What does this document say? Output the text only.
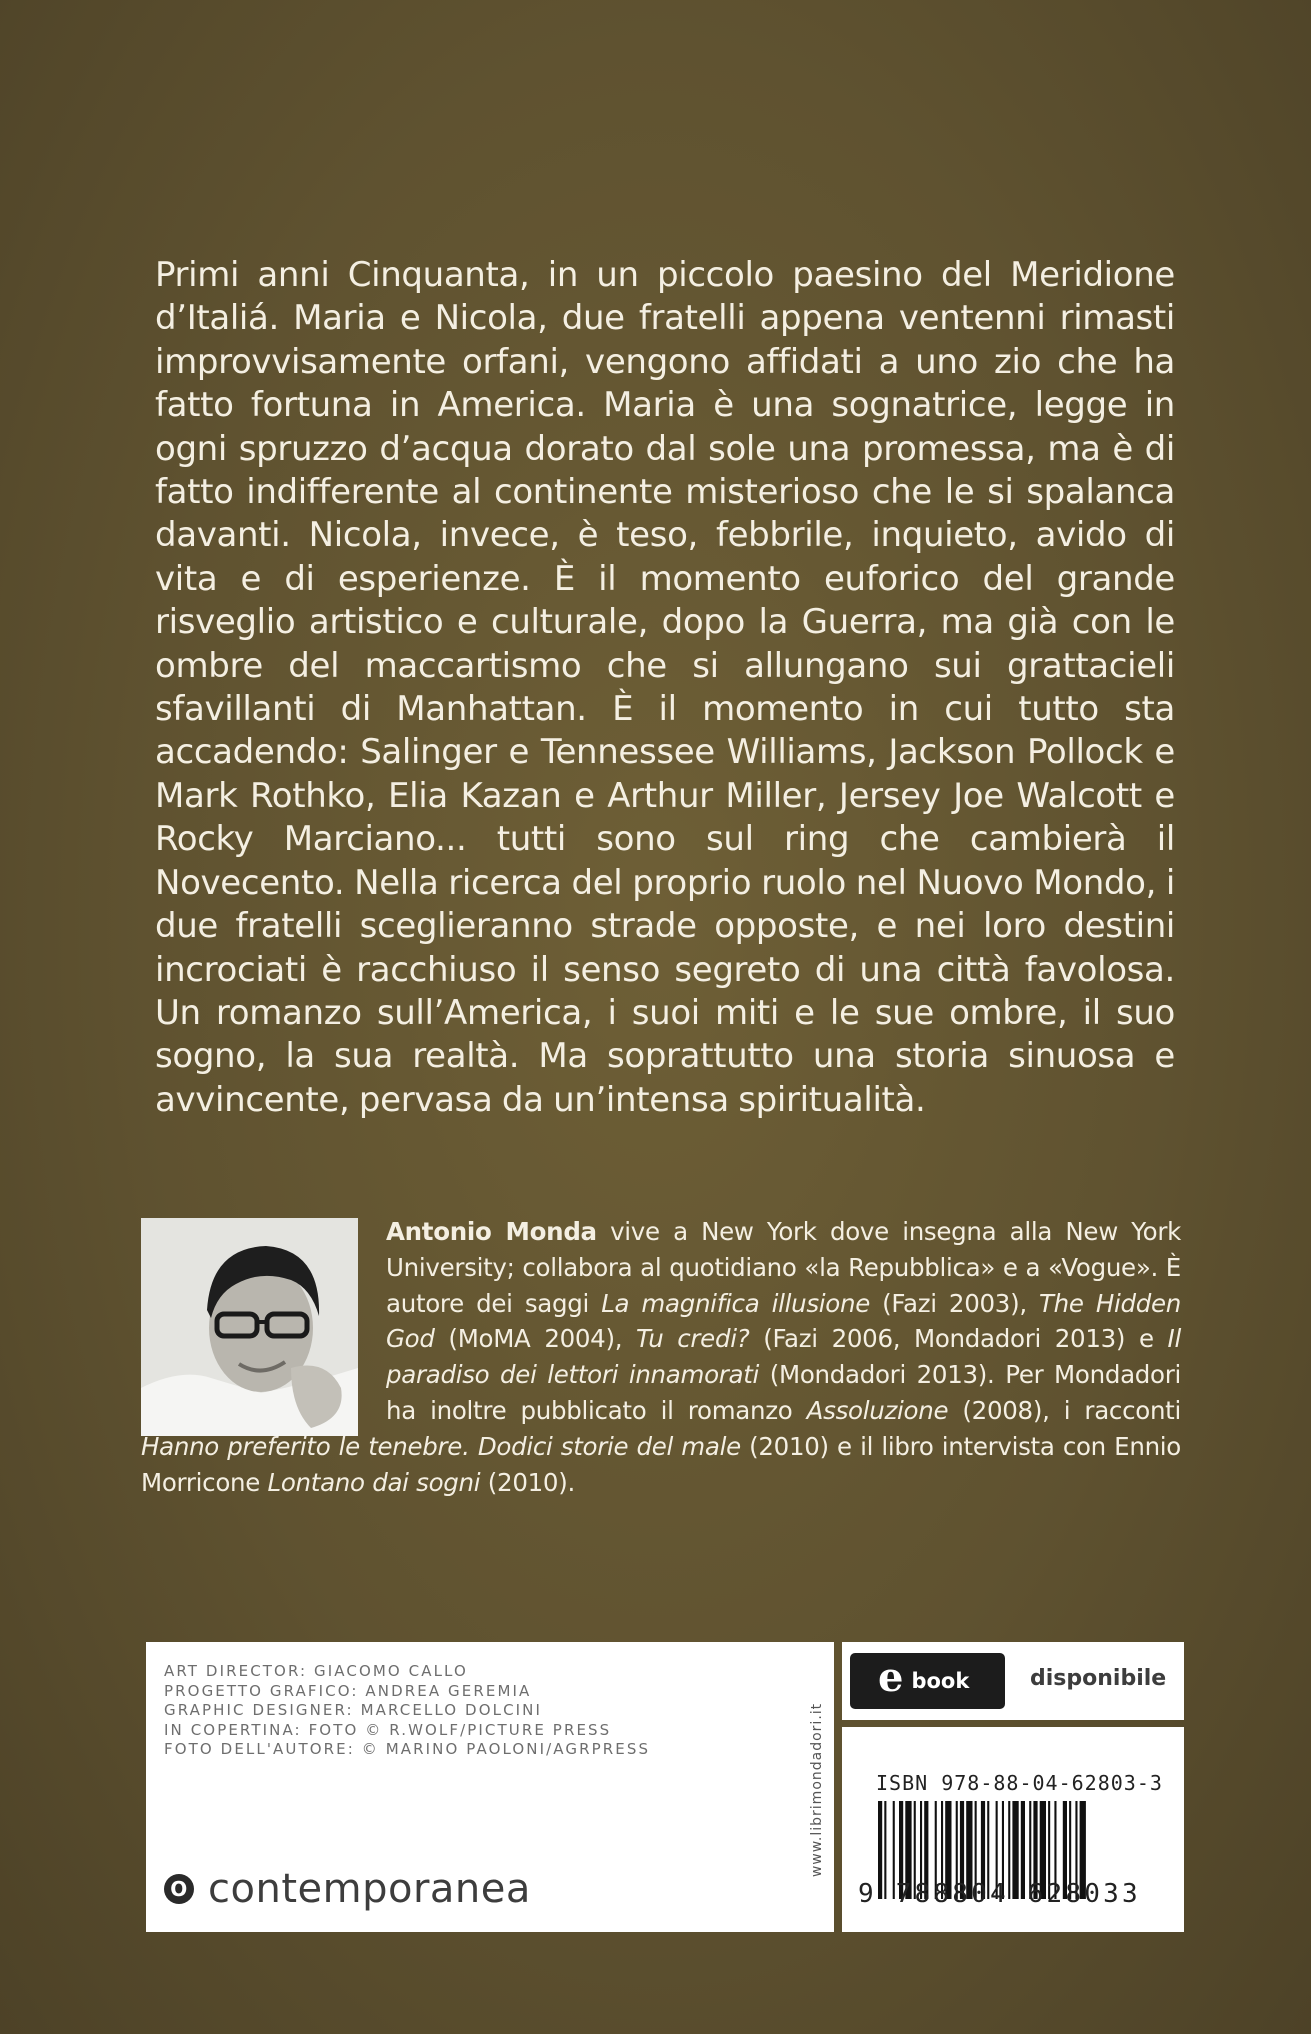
Primi anni Cinquanta, in un piccolo paesino del Meridione d’Italiá. Maria e Nicola, due fratelli appena ventenni rimasti improvvisamente orfani, vengono affidati a uno zio che ha fatto fortuna in America. Maria è una sognatrice, legge in ogni spruzzo d’acqua dorato dal sole una promessa, ma è di fatto indifferente al continente misterioso che le si spalanca davanti. Nicola, invece, è teso, febbrile, inquieto, avido di vita e di esperienze. È il momento euforico del grande risveglio artistico e culturale, dopo la Guerra, ma già con le ombre del maccartismo che si allungano sui grattacieli sfavillanti di Manhattan. È il momento in cui tutto sta accadendo: Salinger e Tennessee Williams, Jackson Pollock e Mark Rothko, Elia Kazan e Arthur Miller, Jersey Joe Walcott e Rocky Marciano... tutti sono sul ring che cambierà il Novecento. Nella ricerca del proprio ruolo nel Nuovo Mondo, i due fratelli sceglieranno strade opposte, e nei loro destini incrociati è racchiuso il senso segreto di una città favolosa. Un romanzo sull’America, i suoi miti e le sue ombre, il suo sogno, la sua realtà. Ma soprattutto una storia sinuosa e avvincente, pervasa da un’intensa spiritualità.

Antonio Monda vive a New York dove insegna alla New York University; collabora al quotidiano «la Repubblica» e a «Vogue». È autore dei saggi La magnifica illusione (Fazi 2003), The Hidden God (MoMA 2004), Tu credi? (Fazi 2006, Mondadori 2013) e Il paradiso dei lettori innamorati (Mondadori 2013). Per Mondadori ha inoltre pubblicato il romanzo Assoluzione (2008), i racconti Hanno preferito le tenebre. Dodici storie del male (2010) e il libro intervista con Ennio Morricone Lontano dai sogni (2010).

ART DIRECTOR: GIACOMO CALLO
PROGETTO GRAFICO: ANDREA GEREMIA
GRAPHIC DESIGNER: MARCELLO DOLCINI
IN COPERTINA: FOTO © R.WOLF/PICTURE PRESS
FOTO DELL'AUTORE: © MARINO PAOLONI/AGRPRESS
O contemporanea
www.librimondadori.it
e book	disponibile
ISBN 978-88-04-62803-3
9 788804 628033
